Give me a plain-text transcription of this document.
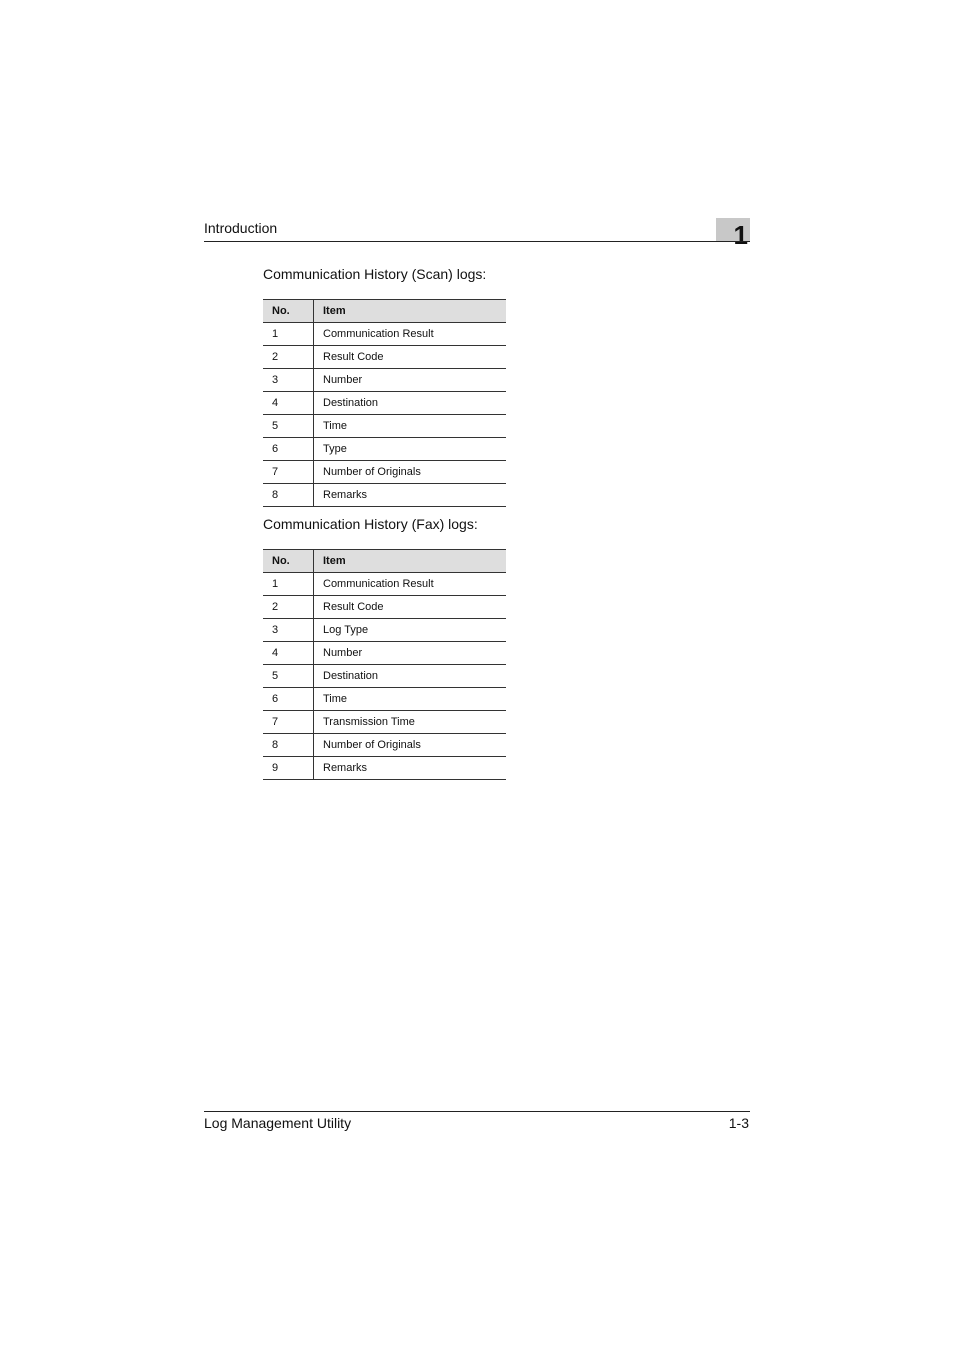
Introduction	1
Communication History (Scan) logs:
No.	Item
1	Communication Result
2	Result Code
3	Number
4	Destination
5	Time
6	Type
7	Number of Originals
8	Remarks
Communication History (Fax) logs:
No.	Item
1	Communication Result
2	Result Code
3	Log Type
4	Number
5	Destination
6	Time
7	Transmission Time
8	Number of Originals
9	Remarks
Log Management Utility	1-3
